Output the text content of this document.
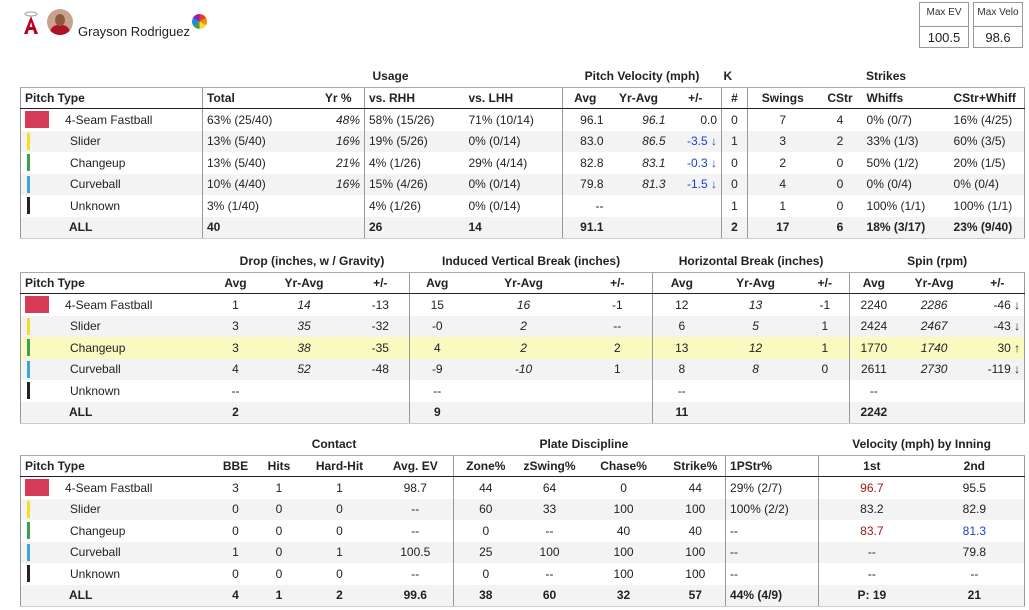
Grayson Rodriguez
Max EV
100.5
Max Velo
98.6
			Usage		Pitch Velocity (mph)			K	Strikes			
Pitch Type	Total	Yr %	vs. RHH	vs. LHH	Avg	Yr-Avg	+/-	#	Swings	CStr	Whiffs	CStr+Whiff

4-Seam Fastball	63% (25/40)	48%	58% (15/26)	71% (10/14)	96.1	96.1	0.0	0	7	4	0% (0/7)	16% (4/25)

Slider	13% (5/40)	16%	19% (5/26)	0% (0/14)	83.0	86.5	-3.5 ↓	1	3	2	33% (1/3)	60% (3/5)

Changeup	13% (5/40)	21%	4% (1/26)	29% (4/14)	82.8	83.1	-0.3 ↓	0	2	0	50% (1/2)	20% (1/5)

Curveball	10% (4/40)	16%	15% (4/26)	0% (0/14)	79.8	81.3	-1.5 ↓	0	4	0	0% (0/4)	0% (0/4)

Unknown	3% (1/40)		4% (1/26)	0% (0/14)	--			1	1	0	100% (1/1)	100% (1/1)
ALL	40		26	14	91.1			2	17	6	18% (3/17)	23% (9/40)
	Drop (inches, w / Gravity)			Induced Vertical Break (inches)			Horizontal Break (inches)			Spin (rpm)		
Pitch Type	Avg	Yr-Avg	+/-	Avg	Yr-Avg	+/-	Avg	Yr-Avg	+/-	Avg	Yr-Avg	+/-

4-Seam Fastball	1	14	-13	15	16	-1	12	13	-1	2240	2286	-46 ↓

Slider	3	35	-32	-0	2	--	6	5	1	2424	2467	-43 ↓

Changeup	3	38	-35	4	2	2	13	12	1	1770	1740	30 ↑

Curveball	4	52	-48	-9	-10	1	8	8	0	2611	2730	-119 ↓

Unknown	--			--			--			--		
ALL	2			9			11			2242		
	Contact				Plate Discipline					Velocity (mph) by Inning	
Pitch Type	BBE	Hits	Hard-Hit	Avg. EV	Zone%	zSwing%	Chase%	Strike%	1PStr%	1st	2nd

4-Seam Fastball	3	1	1	98.7	44	64	0	44	29% (2/7)	96.7	95.5

Slider	0	0	0	--	60	33	100	100	100% (2/2)	83.2	82.9

Changeup	0	0	0	--	0	--	40	40	--	83.7	81.3

Curveball	1	0	1	100.5	25	100	100	100	--	--	79.8

Unknown	0	0	0	--	0	--	100	100	--	--	--
ALL	4	1	2	99.6	38	60	32	57	44% (4/9)	P: 19	21
